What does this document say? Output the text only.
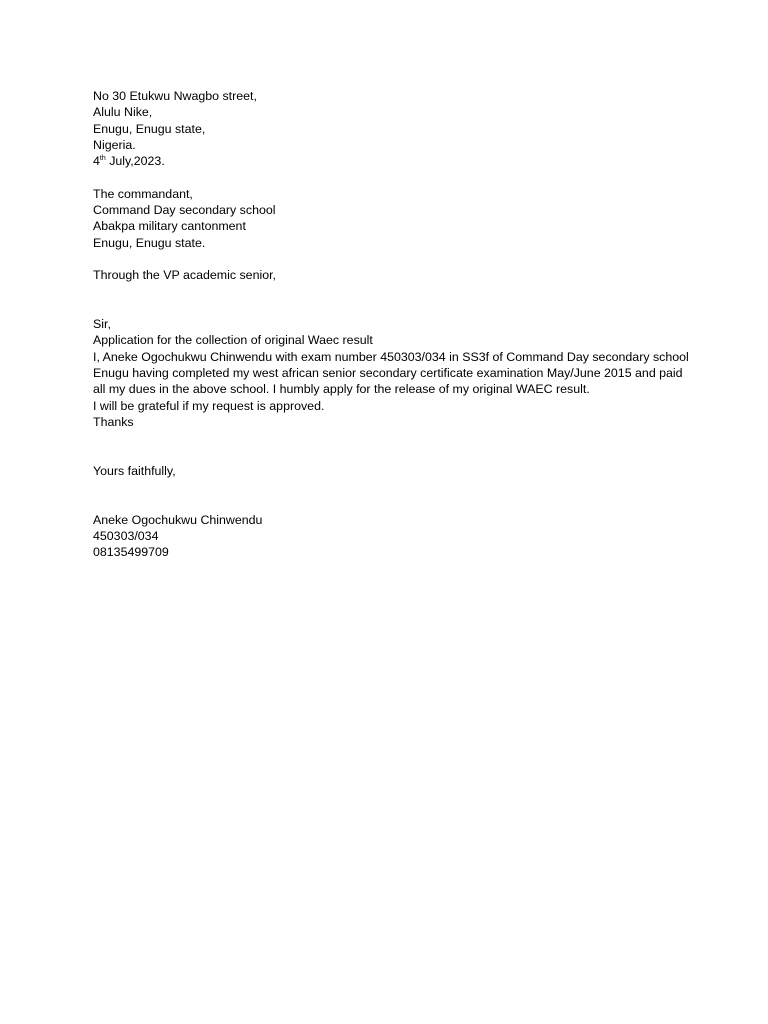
No 30 Etukwu Nwagbo street,
Alulu Nike,
Enugu, Enugu state,
Nigeria.
4th July,2023.
The commandant,
Command Day secondary school
Abakpa military cantonment
Enugu, Enugu state.
Through the VP academic senior,
Sir,
Application for the collection of original Waec result
I, Aneke Ogochukwu Chinwendu with exam number 450303/034 in SS3f of Command Day secondary school Enugu having completed my west african senior secondary certificate examination May/June 2015 and paid all my dues in the above school. I humbly apply for the release of my original WAEC result.
I will be grateful if my request is approved.
Thanks
Yours faithfully,
Aneke Ogochukwu Chinwendu
450303/034
08135499709
